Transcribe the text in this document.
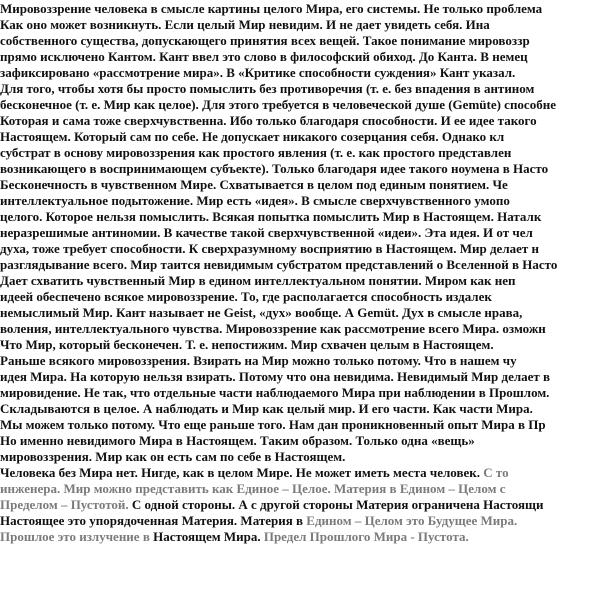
Мировоззрение человека в смысле картины целого Мира, его системы. Не только проблема
Как оно может возникнуть. Если целый Мир невидим. И не дает увидеть себя. Ина
собственного существа, допускающего принятия всех вещей. Такое понимание мировоззр
прямо исключено Кантом. Кант ввел это слово в философский обиход. До Канта. В немец
зафиксировано «рассмотрение мира». В «Критике способности суждения» Кант указал.
Для того, чтобы хотя бы просто помыслить без противоречия (т. е. без впадения в антином
бесконечное (т. е. Мир как целое). Для этого требуется в человеческой душе (Gemüte) способне
Которая и сама тоже сверхчувственна. Ибо только благодаря способности. И ее идее такого
Настоящем. Который сам по себе. Не допускает никакого созерцания себя. Однако кл
субстрат в основу мировоззрения как простого явления (т. е. как простого представлен
возникающего в воспринимающем субъекте). Только благодаря идее такого ноумена в Насто
Бесконечность в чувственном Мире. Схватывается в целом под единым понятием. Че
интеллектуальное подытожение. Мир есть «идея». В смысле сверхчувственного умопо
целого. Которое нельзя помыслить. Всякая попытка помыслить Мир в Настоящем. Наталк
неразрешимые антиномии. В качестве такой сверхчувственной «идеи». Эта идея. И от чел
духа, тоже требует способности. К сверхразумному восприятию в Настоящем. Мир делает н
разглядывание всего. Мир таится невидимым субстратом представлений о Вселенной в Насто
Дает схватить чувственный Мир в едином интеллектуальном понятии. Миром как неп
идеей обеспечено всякое мировоззрение. То, где располагается способность издалек
немыслимый Мир. Кант называет не Geist, «дух» вообще. А Gemüt. Дух в смысле нрава,
воления, интеллектуального чувства. Мировоззрение как рассмотрение всего Мира. озможн
Что Мир, который бесконечен. Т. е. непостижим. Мир схвачен целым в Настоящем.
Раньше всякого мировоззрения. Взирать на Мир можно только потому. Что в нашем чу
идея Мира. На которую нельзя взирать. Потому что она невидима. Невидимый Мир делает в
мировидение. Не так, что отдельные части наблюдаемого Мира при наблюдении в Прошлом.
Складываются в целое. А наблюдать и Мир как целый мир. И его части. Как части Мира.
Мы можем только потому. Что еще раньше того. Нам дан проникновенный опыт Мира в Пр
Но именно невидимого Мира в Настоящем. Таким образом. Только одна «вещь»
мировоззрения. Мир как он есть сам по себе в Настоящем.
Человека без Мира нет. Нигде, как в целом Мире. Не может иметь места человек. С то
инженера. Мир можно представить как Единое – Целое. Материя в Едином – Целом с
Пределом – Пустотой. С одной стороны. А с другой стороны Материя ограничена Настоящи
Настоящее это упорядоченная Материя. Материя в Едином – Целом это Будущее Мира.
Прошлое это излучение в Настоящем Мира. Предел Прошлого Мира - Пустота.
